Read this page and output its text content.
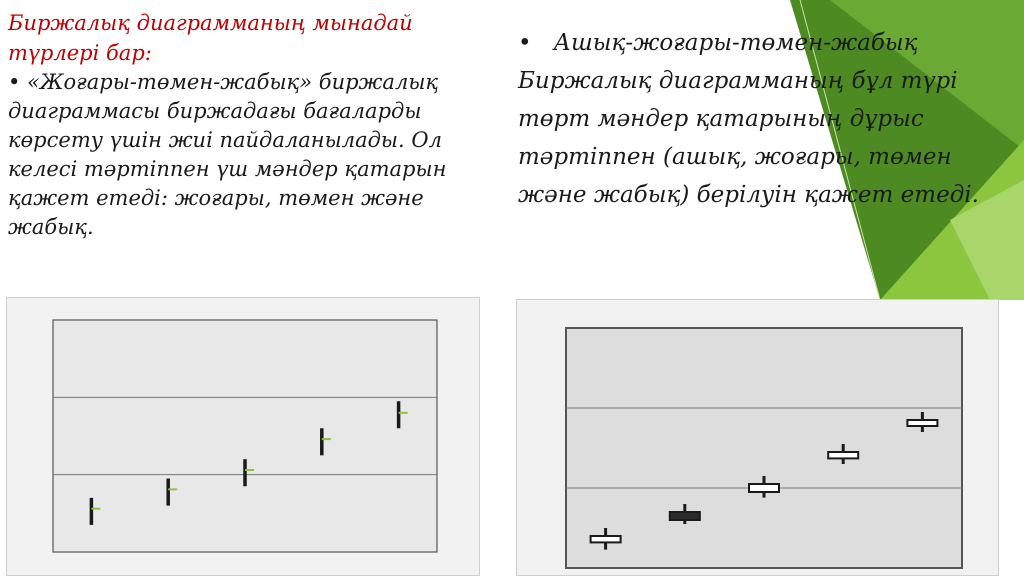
Биржалық диаграмманың мынадай түрлері бар:

• «Жоғары-төмен-жабық» биржалық диаграммасы биржадағы бағаларды көрсету үшін жиі пайдаланылады. Ол келесі тәртіппен үш мәндер қатарын қажет етеді: жоғары, төмен және жабық.

• Ашық-жоғары-төмен-жабық

Биржалық диаграмманың бұл түрі төрт мәндер қатарының дұрыс тәртіппен (ашық, жоғары, төмен және жабық) берілуін қажет етеді.
